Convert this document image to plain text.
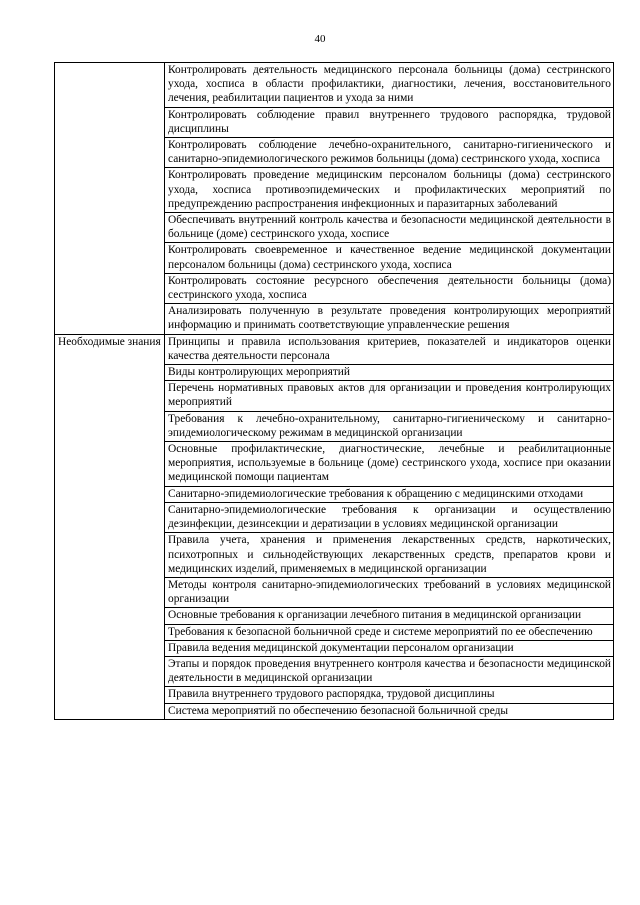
40
	Контролировать деятельность медицинского персонала больницы (дома) сестринского ухода, хосписа в области профилактики, диагностики, лечения, восстановительного лечения, реабилитации пациентов и ухода за ними
	Контролировать соблюдение правил внутреннего трудового распорядка, трудовой дисциплины
	Контролировать соблюдение лечебно-охранительного, санитарно-гигиенического и санитарно-эпидемиологического режимов больницы (дома) сестринского ухода, хосписа
	Контролировать проведение медицинским персоналом больницы (дома) сестринского ухода, хосписа противоэпидемических и профилактических мероприятий по предупреждению распространения инфекционных и паразитарных заболеваний
	Обеспечивать внутренний контроль качества и безопасности медицинской деятельности в больнице (доме) сестринского ухода, хосписе
	Контролировать своевременное и качественное ведение медицинской документации персоналом больницы (дома) сестринского ухода, хосписа
	Контролировать состояние ресурсного обеспечения деятельности больницы (дома) сестринского ухода, хосписа
	Анализировать полученную в результате проведения контролирующих мероприятий информацию и принимать соответствующие управленческие решения
Необходимые знания	Принципы и правила использования критериев, показателей и индикаторов оценки качества деятельности персонала
	Виды контролирующих мероприятий
	Перечень нормативных правовых актов для организации и проведения контролирующих мероприятий
	Требования к лечебно-охранительному, санитарно-гигиеническому и санитарно-эпидемиологическому режимам в медицинской организации
	Основные профилактические, диагностические, лечебные и реабилитационные мероприятия, используемые в больнице (доме) сестринского ухода, хосписе при оказании медицинской помощи пациентам
	Санитарно-эпидемиологические требования к обращению с медицинскими отходами
	Санитарно-эпидемиологические требования к организации и осуществлению дезинфекции, дезинсекции и дератизации в условиях медицинской организации
	Правила учета, хранения и применения лекарственных средств, наркотических, психотропных и сильнодействующих лекарственных средств, препаратов крови и медицинских изделий, применяемых в медицинской организации
	Методы контроля санитарно-эпидемиологических требований в условиях медицинской организации
	Основные требования к организации лечебного питания в медицинской организации
	Требования к безопасной больничной среде и системе мероприятий по ее обеспечению
	Правила ведения медицинской документации персоналом организации
	Этапы и порядок проведения внутреннего контроля качества и безопасности медицинской деятельности в медицинской организации
	Правила внутреннего трудового распорядка, трудовой дисциплины
	Система мероприятий по обеспечению безопасной больничной среды
